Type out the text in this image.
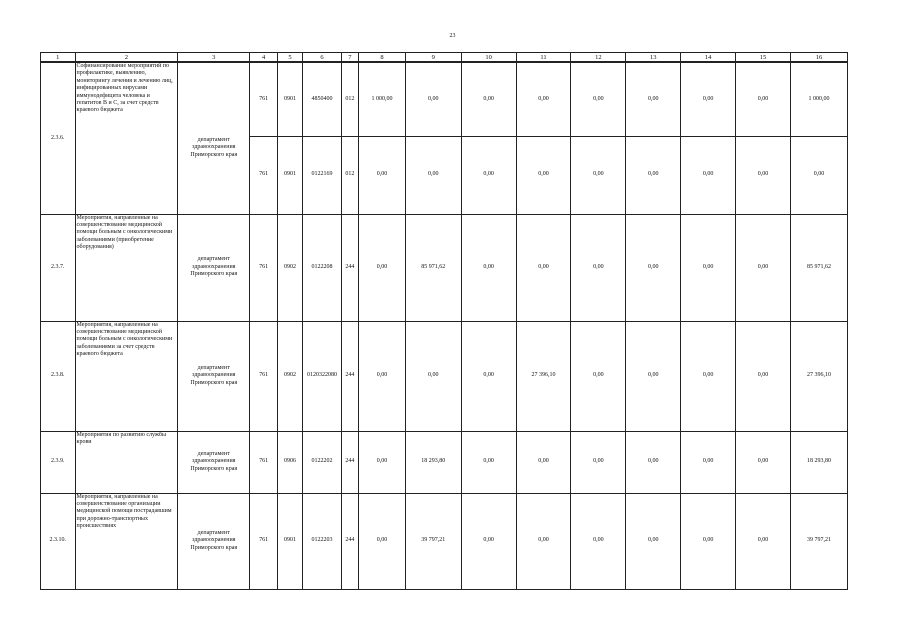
23
1	2	3	4	5	6	7	8	9	10	11	12	13	14	15	16
2.3.6.	Софинансирование мероприятий по профилактике, выявлению, мониторингу лечения и лечению лиц, инфицированных вирусами иммунодефицита человека и гепатитов В и С, за счет средств краевого бюджета		761	0901	4850400	012	1 000,00	0,00	0,00	0,00	0,00	0,00	0,00	0,00	1 000,00
		департамент здравоохранения Приморского края	761	0901	0122169	012	0,00	0,00	0,00	0,00	0,00	0,00	0,00	0,00	0,00
2.3.7.	Мероприятия, направленные на совершенствование медицинской помощи больным с онкологическими заболеваниями (приобретение оборудования)	департамент здравоохранения Приморского края	761	0902	0122208	244	0,00	85 971,62	0,00	0,00	0,00	0,00	0,00	0,00	85 971,62
2.3.8.	Мероприятия, направленные на совершенствование медицинской помощи больным с онкологическими заболеваниями за счет средств краевого бюджета	департамент здравоохранения Приморского края	761	0902	0120322080	244	0,00	0,00	0,00	27 396,10	0,00	0,00	0,00	0,00	27 396,10
2.3.9.	Мероприятия по развитию службы крови	департамент здравоохранения Приморского края	761	0906	0122202	244	0,00	18 293,80	0,00	0,00	0,00	0,00	0,00	0,00	18 293,80
2.3.10.	Мероприятия, направленные на совершенствование организации медицинской помощи пострадавшим при дорожно-транспортных происшествиях	департамент здравоохранения Приморского края	761	0901	0122203	244	0,00	39 797,21	0,00	0,00	0,00	0,00	0,00	0,00	39 797,21
